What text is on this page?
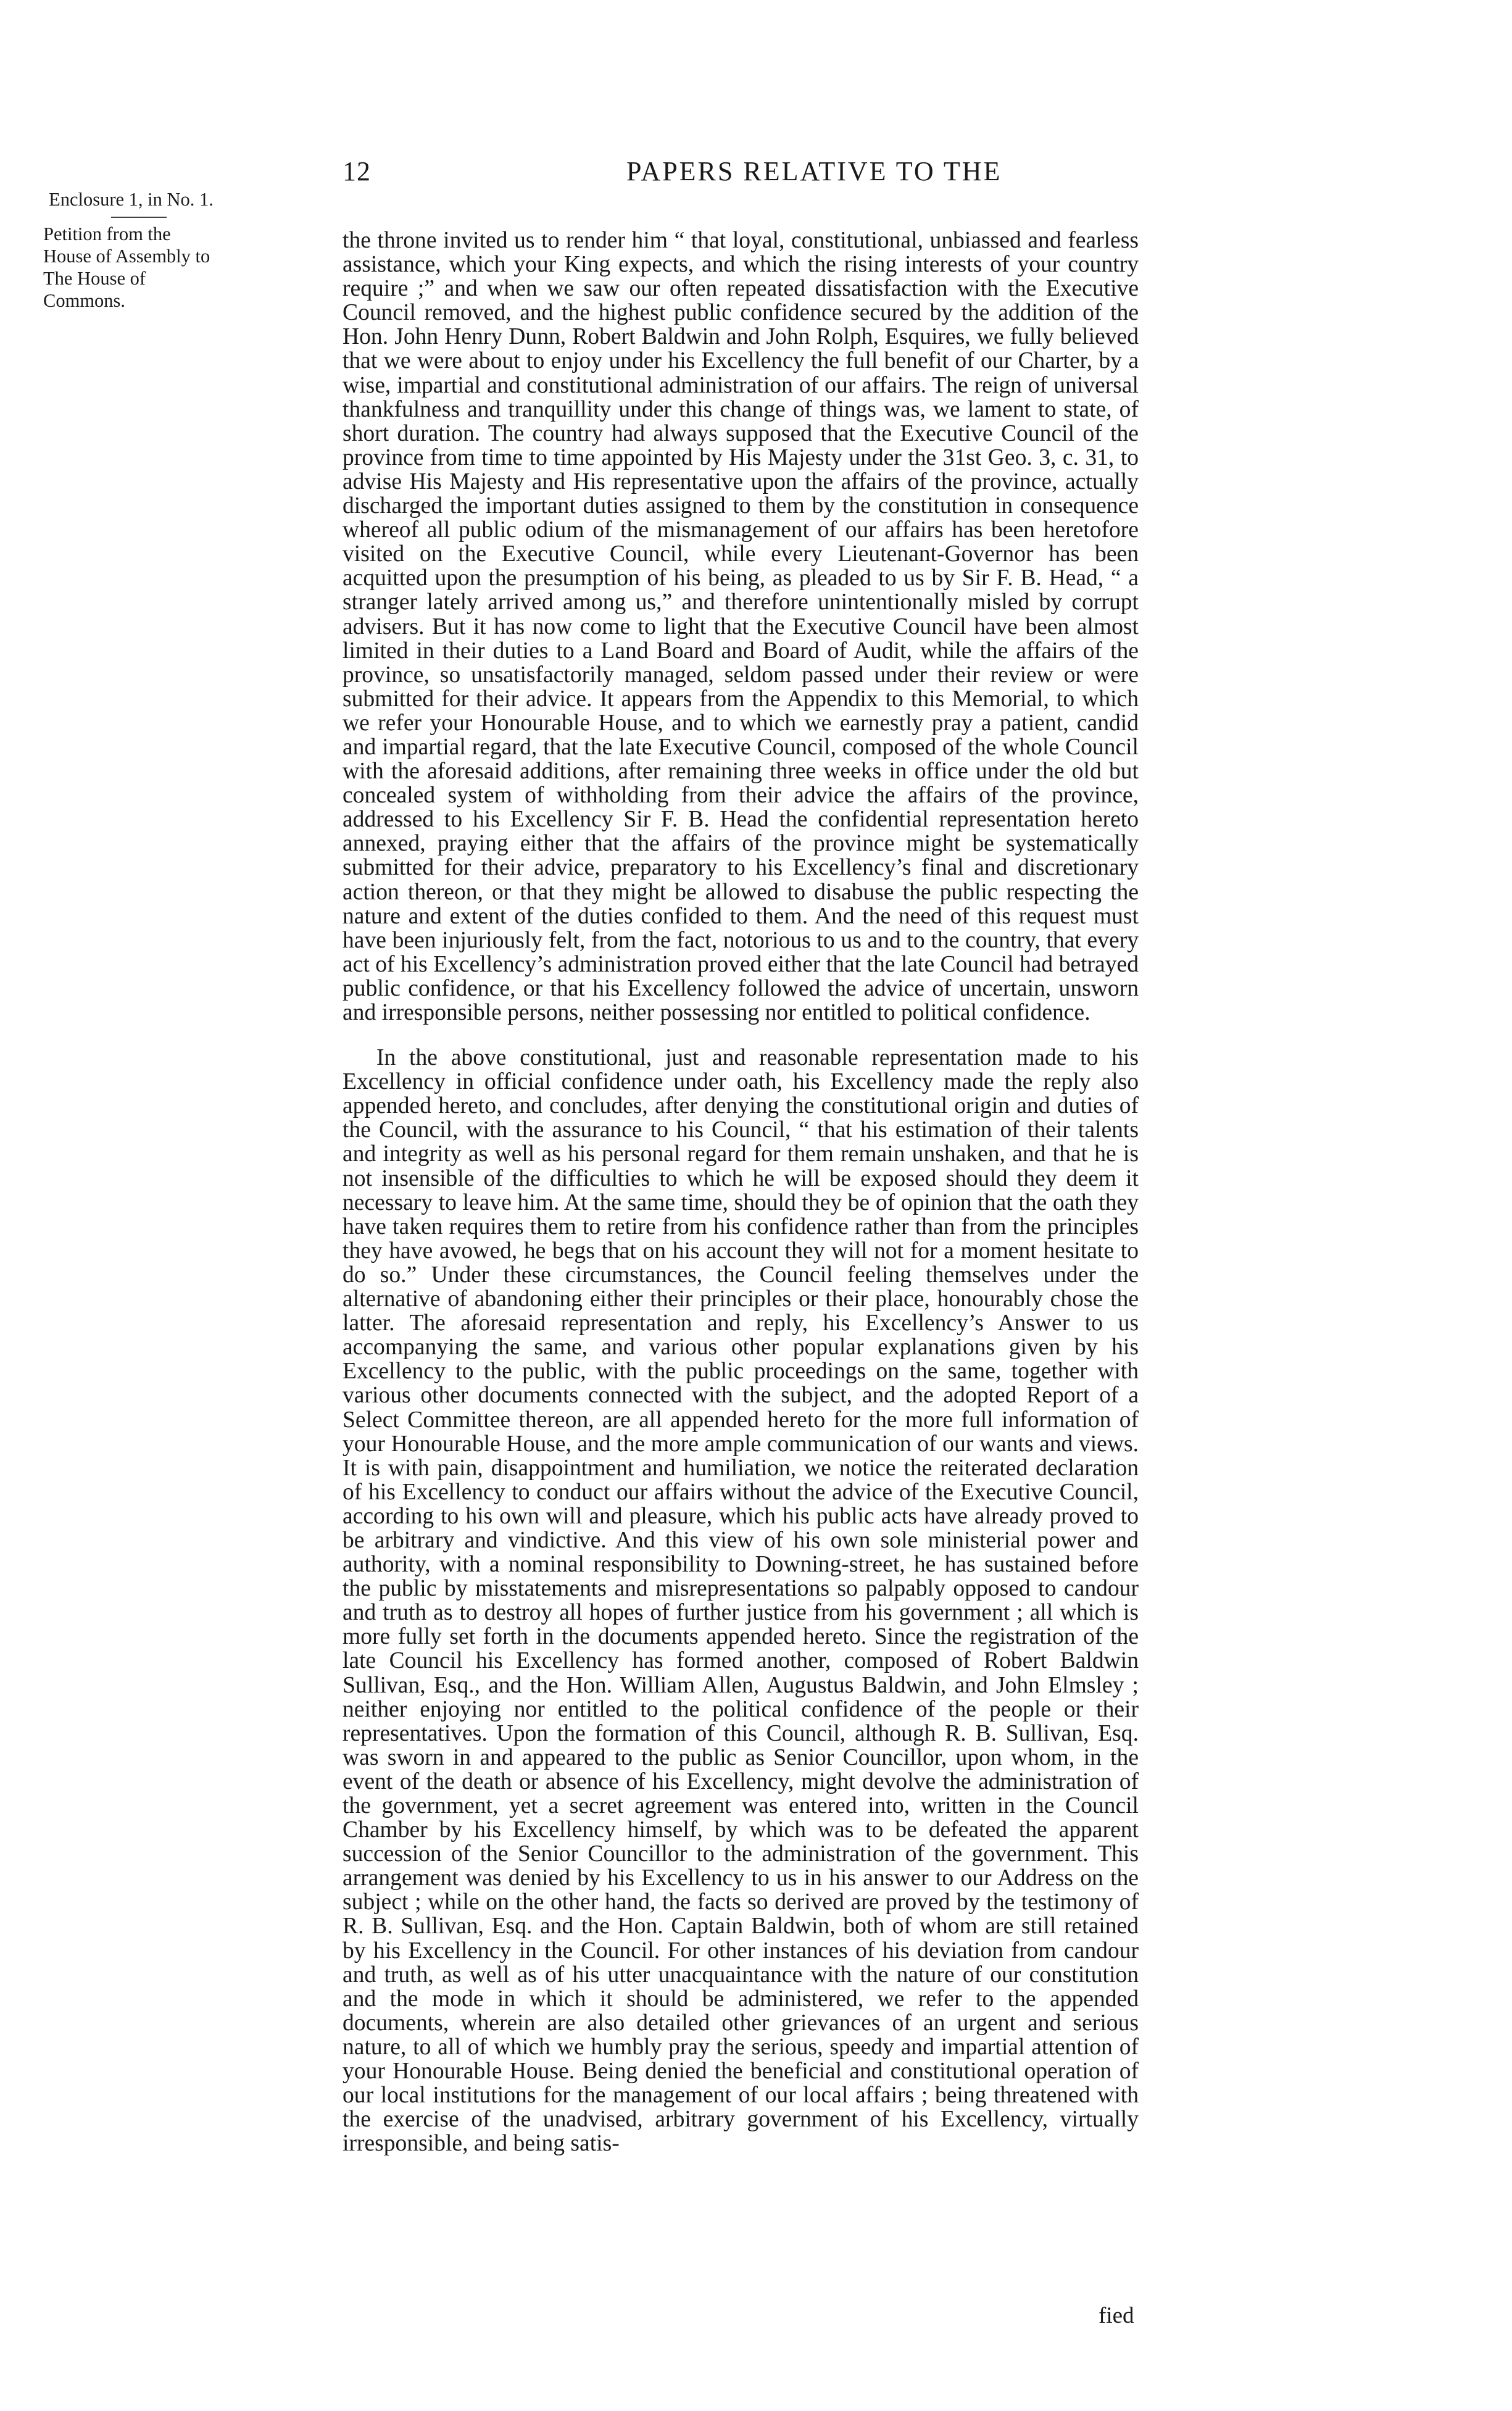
12	PAPERS RELATIVE TO THE
Enclosure 1, in No. 1.
Petition from the House of Assembly to The House of Commons.

the throne invited us to render him “ that loyal, constitutional, unbiassed and fearless assistance, which your King expects, and which the rising interests of your country require ;” and when we saw our often repeated dissatisfaction with the Executive Council removed, and the highest public confidence secured by the addition of the Hon. John Henry Dunn, Robert Baldwin and John Rolph, Esquires, we fully believed that we were about to enjoy under his Excellency the full benefit of our Charter, by a wise, impartial and constitutional administration of our affairs. The reign of universal thankfulness and tranquillity under this change of things was, we lament to state, of short duration. The country had always supposed that the Executive Council of the province from time to time appointed by His Majesty under the 31st Geo. 3, c. 31, to advise His Majesty and His representative upon the affairs of the province, actually discharged the important duties assigned to them by the constitution in consequence whereof all public odium of the mismanagement of our affairs has been heretofore visited on the Executive Council, while every Lieutenant-Governor has been acquitted upon the presumption of his being, as pleaded to us by Sir F. B. Head, “ a stranger lately arrived among us,” and therefore unintentionally misled by corrupt advisers. But it has now come to light that the Executive Council have been almost limited in their duties to a Land Board and Board of Audit, while the affairs of the province, so unsatisfactorily managed, seldom passed under their review or were submitted for their advice. It appears from the Appendix to this Memorial, to which we refer your Honourable House, and to which we earnestly pray a patient, candid and impartial regard, that the late Executive Council, composed of the whole Council with the aforesaid additions, after remaining three weeks in office under the old but concealed system of withholding from their advice the affairs of the province, addressed to his Excellency Sir F. B. Head the confidential representation hereto annexed, praying either that the affairs of the province might be systematically submitted for their advice, preparatory to his Excellency’s final and discretionary action thereon, or that they might be allowed to disabuse the public respecting the nature and extent of the duties confided to them. And the need of this request must have been injuriously felt, from the fact, notorious to us and to the country, that every act of his Excellency’s administration proved either that the late Council had betrayed public confidence, or that his Excellency followed the advice of uncertain, unsworn and irresponsible persons, neither possessing nor entitled to political confidence.

In the above constitutional, just and reasonable representation made to his Excellency in official confidence under oath, his Excellency made the reply also appended hereto, and concludes, after denying the constitutional origin and duties of the Council, with the assurance to his Council, “ that his estimation of their talents and integrity as well as his personal regard for them remain unshaken, and that he is not insensible of the difficulties to which he will be exposed should they deem it necessary to leave him. At the same time, should they be of opinion that the oath they have taken requires them to retire from his confidence rather than from the principles they have avowed, he begs that on his account they will not for a moment hesitate to do so.” Under these circumstances, the Council feeling themselves under the alternative of abandoning either their principles or their place, honourably chose the latter. The aforesaid representation and reply, his Excellency’s Answer to us accompanying the same, and various other popular explanations given by his Excellency to the public, with the public proceedings on the same, together with various other documents connected with the subject, and the adopted Report of a Select Committee thereon, are all appended hereto for the more full information of your Honourable House, and the more ample communication of our wants and views. It is with pain, disappointment and humiliation, we notice the reiterated declaration of his Excellency to conduct our affairs without the advice of the Executive Council, according to his own will and pleasure, which his public acts have already proved to be arbitrary and vindictive. And this view of his own sole ministerial power and authority, with a nominal responsibility to Downing-street, he has sustained before the public by misstatements and misrepresentations so palpably opposed to candour and truth as to destroy all hopes of further justice from his government ; all which is more fully set forth in the documents appended hereto. Since the registration of the late Council his Excellency has formed another, composed of Robert Baldwin Sullivan, Esq., and the Hon. William Allen, Augustus Baldwin, and John Elmsley ; neither enjoying nor entitled to the political confidence of the people or their representatives. Upon the formation of this Council, although R. B. Sullivan, Esq. was sworn in and appeared to the public as Senior Councillor, upon whom, in the event of the death or absence of his Excellency, might devolve the administration of the government, yet a secret agreement was entered into, written in the Council Chamber by his Excellency himself, by which was to be defeated the apparent succession of the Senior Councillor to the administration of the government. This arrangement was denied by his Excellency to us in his answer to our Address on the subject ; while on the other hand, the facts so derived are proved by the testimony of R. B. Sullivan, Esq. and the Hon. Captain Baldwin, both of whom are still retained by his Excellency in the Council. For other instances of his deviation from candour and truth, as well as of his utter unacquaintance with the nature of our constitution and the mode in which it should be administered, we refer to the appended documents, wherein are also detailed other grievances of an urgent and serious nature, to all of which we humbly pray the serious, speedy and impartial attention of your Honourable House. Being denied the beneficial and constitutional operation of our local institutions for the management of our local affairs ; being threatened with the exercise of the unadvised, arbitrary government of his Excellency, virtually irresponsible, and being satis-

fied
